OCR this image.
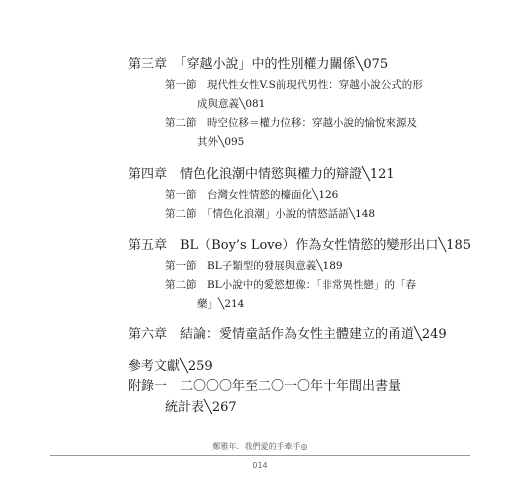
第三章　「穿越小說」中的性別權力關係╲075
第一節　現代性女性V.S前現代男性：穿越小說公式的形
成與意義╲081
第二節　時空位移＝權力位移：穿越小說的愉悅來源及
其外╲095
第四章　情色化浪潮中情慾與權力的辯證╲121
第一節　台灣女性情慾的檯面化╲126
第二節　「情色化浪潮」小說的情慾話語╲148
第五章　BL（Boy’s Love）作為女性情慾的變形出口╲185
第一節　BL子類型的發展與意義╲189
第二節　BL小說中的愛慾想像：「非常異性戀」的「春
藥」╲214
第六章　結論：愛情童話作為女性主體建立的甬道╲249
參考文獻╲259
附錄一　二〇〇〇年至二〇一〇年十年間出書量
統計表╲267
鄭雅年．我們愛的手牽手◎
014
